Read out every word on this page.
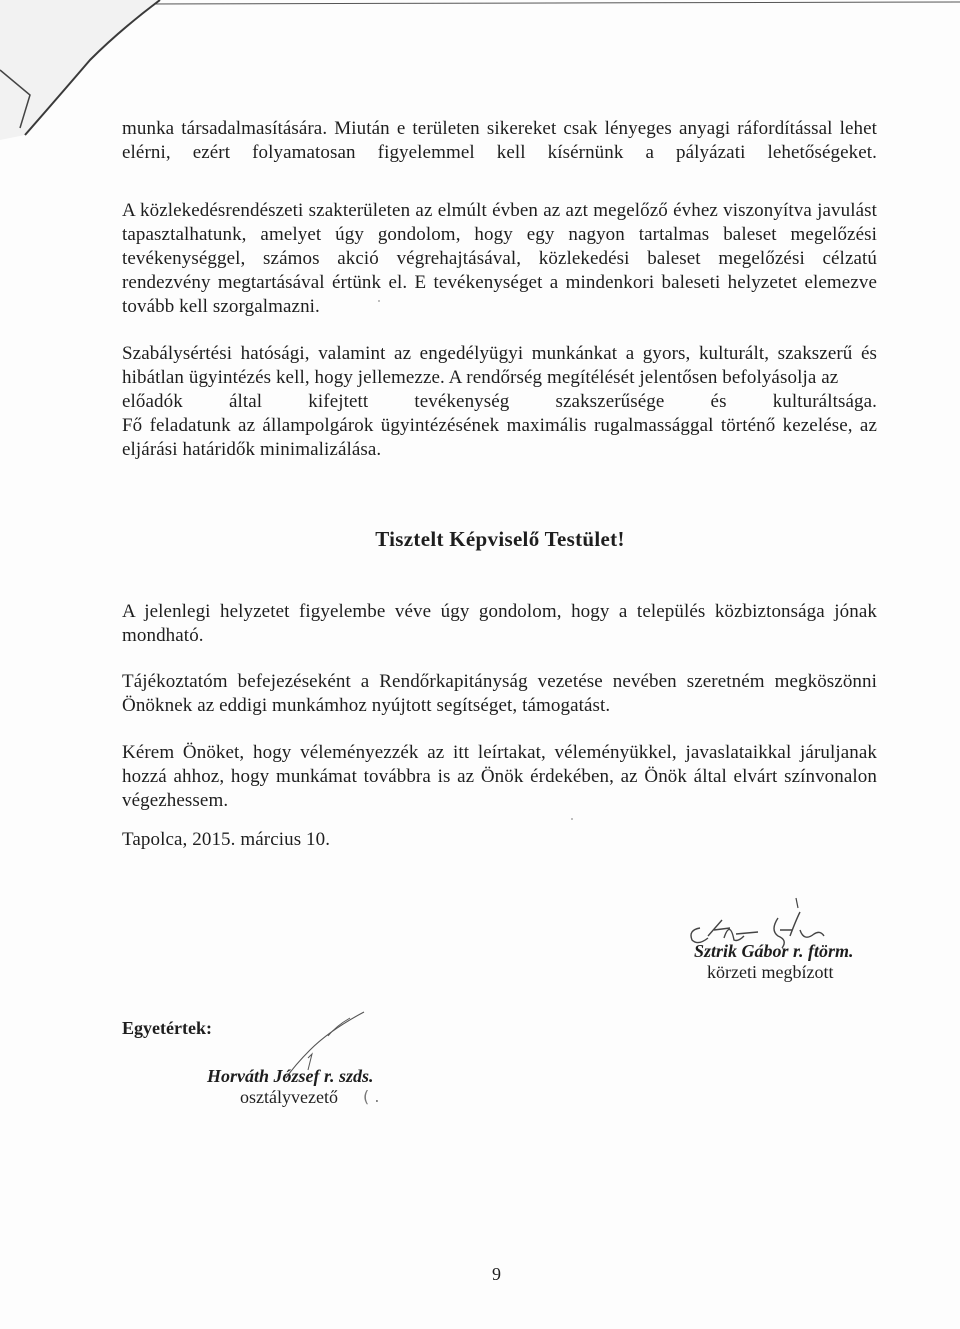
munka társadalmasítására. Miután e területen sikereket csak lényeges anyagi ráfordítással lehet elérni, ezért folyamatosan figyelemmel kell kísérnünk a pályázati lehetőségeket.
A közlekedésrendészeti szakterületen az elmúlt évben az azt megelőző évhez viszonyítva javulást tapasztalhatunk, amelyet úgy gondolom, hogy egy nagyon tartalmas baleset megelőzési tevékenységgel, számos akció végrehajtásával, közlekedési baleset megelőzési célzatú rendezvény megtartásával értünk el. E tevékenységet a mindenkori baleseti helyzetet elemezve tovább kell szorgalmazni.
Szabálysértési hatósági, valamint az engedélyügyi munkánkat a gyors, kulturált, szakszerű és hibátlan ügyintézés kell, hogy jellemezze. A rendőrség megítélését jelentősen befolyásolja az
előadók által kifejtett tevékenység szakszerűsége és kulturáltsága.
Fő feladatunk az állampolgárok ügyintézésének maximális rugalmassággal történő kezelése, az eljárási határidők minimalizálása.
Tisztelt Képviselő Testület!
A jelenlegi helyzetet figyelembe véve úgy gondolom, hogy a település közbiztonsága jónak mondható.
Tájékoztatóm befejezéseként a Rendőrkapitányság vezetése nevében szeretném megköszönni Önöknek az eddigi munkámhoz nyújtott segítséget, támogatást.
Kérem Önöket, hogy véleményezzék az itt leírtakat, véleményükkel, javaslataikkal járuljanak hozzá ahhoz, hogy munkámat továbbra is az Önök érdekében, az Önök által elvárt színvonalon végezhessem.
Tapolca, 2015. március 10.
Sztrik Gábor r. ftörm.
körzeti megbízott
Egyetértek:
Horváth József r. szds.
osztályvezető ( .
9
